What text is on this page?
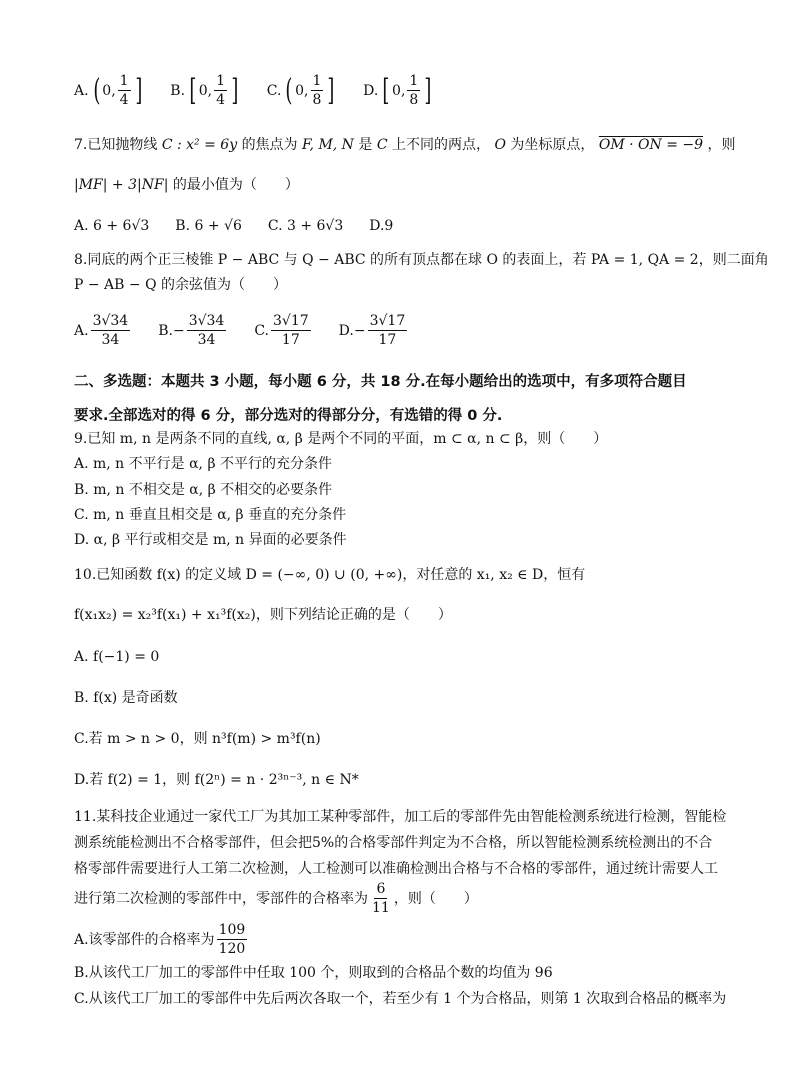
A. ( 0, $\frac{1}{4}$ ] B. [ 0, $\frac{1}{4}$ ] C. ( 0, $\frac{1}{8}$ ] D. [ 0, $\frac{1}{8}$ ]
7.已知抛物线 C : x² = 6y 的焦点为 F, M, N 是 C 上不同的两点， O 为坐标原点， OM · ON = −9 ，则
|MF| + 3|NF| 的最小值为（　　）
A. 6 + 6√3 B. 6 + √6 C. 3 + 6√3 D.9
8.同底的两个正三棱锥 P − ABC 与 Q − ABC 的所有顶点都在球 O 的表面上，若 PA = 1, QA = 2，则二面角
P − AB − Q 的余弦值为（　　）
A. $\frac{3√34}{34} B.- \frac{3√34}{34} C$. $\frac{3√17}{17} D.- \frac{3√17}{17}$
二、多选题：本题共 3 小题，每小题 6 分，共 18 分.在每小题给出的选项中，有多项符合题目
要求.全部选对的得 6 分，部分选对的得部分分，有选错的得 0 分.
9.已知 m, n 是两条不同的直线, α, β 是两个不同的平面，m ⊂ α, n ⊂ β，则（　　）
A. m, n 不平行是 α, β 不平行的充分条件
B. m, n 不相交是 α, β 不相交的必要条件
C. m, n 垂直且相交是 α, β 垂直的充分条件
D. α, β 平行或相交是 m, n 异面的必要条件
10.已知函数 f(x) 的定义域 D = (−∞, 0) ∪ (0, +∞)，对任意的 x₁, x₂ ∈ D，恒有
f(x₁x₂) = x₂³f(x₁) + x₁³f(x₂)，则下列结论正确的是（　　）
A. f(−1) = 0
B. f(x) 是奇函数
C.若 m > n > 0，则 n³f(m) > m³f(n)
D.若 f(2) = 1，则 f(2ⁿ) = n · 2³ⁿ⁻³, n ∈ N*
11.某科技企业通过一家代工厂为其加工某种零部件，加工后的零部件先由智能检测系统进行检测，智能检
测系统能检测出不合格零部件，但会把5%的合格零部件判定为不合格，所以智能检测系统检测出的不合
格零部件需要进行人工第二次检测，人工检测可以准确检测出合格与不合格的零部件，通过统计需要人工
进行第二次检测的零部件中，零部件的合格率为 $\frac{6}{11}$ ，则（　　）
A.该零部件的合格率为 $\frac{109}{120}$
B.从该代工厂加工的零部件中任取 100 个，则取到的合格品个数的均值为 96
C.从该代工厂加工的零部件中先后两次各取一个，若至少有 1 个为合格品，则第 1 次取到合格品的概率为
